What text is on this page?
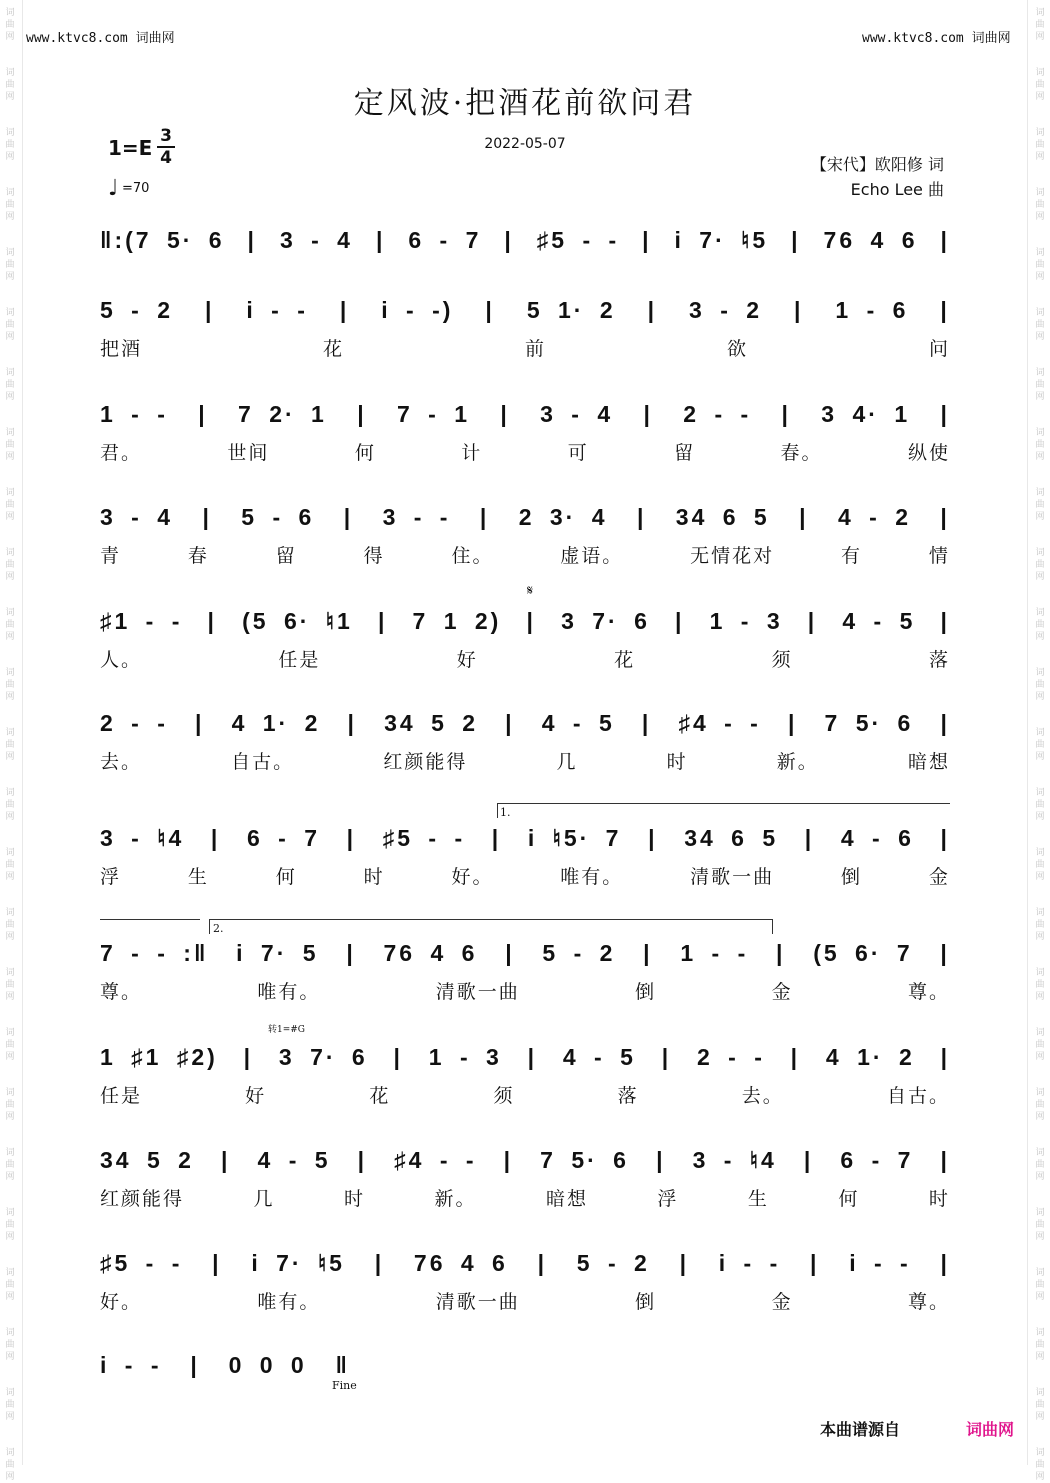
词
曲
网
词
曲
网
词
曲
网
词
曲
网
词
曲
网
词
曲
网
词
曲
网
词
曲
网
词
曲
网
词
曲
网
词
曲
网
词
曲
网
词
曲
网
词
曲
网
词
曲
网
词
曲
网
词
曲
网
词
曲
网
词
曲
网
词
曲
网
词
曲
网
词
曲
网
词
曲
网
词
曲
网
词
曲
网
词
曲
网
词
曲
网
词
曲
网
词
曲
网
词
曲
网
词
曲
网
词
曲
网
词
曲
网
词
曲
网
词
曲
网
词
曲
网
词
曲
网
词
曲
网
词
曲
网
词
曲
网
词
曲
网
词
曲
网
词
曲
网
词
曲
网
词
曲
网
词
曲
网
词
曲
网
词
曲
网
词
曲
网
词
曲
网
www.ktvc8.com 词曲网	www.ktvc8.com 词曲网
定风波·把酒花前欲问君
2022-05-07
1=E 3
4
♩ =70
【宋代】欧阳修 词
Echo Lee 曲
‖:(7 5· 6 | 3 - 4 | 6 - 7 | ♯5 - - | i 7· ♮5 | 76 4 6 |
5 - 2 | i - - | i - -) | 5 1· 2 | 3 - 2 | 1 - 6 |
把酒	花	前	欲	问
1 - - | 7 2· 1 | 7 - 1 | 3 - 4 | 2 - - | 3 4· 1 |
君。	世间	何	计	可	留	春。	纵使
3 - 4 | 5 - 6 | 3 - - | 2 3· 4 | 34 6 5 | 4 - 2 |
青	春	留	得	住。	虚语。	无情花对	有	情
♯1 - - | (5 6· ♮1 | 7 1 2) | 3 7· 6 | 1 - 3 | 4 - 5 |
人。	任是	好	花	须	落
2 - - | 4 1· 2 | 34 5 2 | 4 - 5 | ♯4 - - | 7 5· 6 |
去。	自古。	红颜能得	几	时	新。	暗想
3 - ♮4 | 6 - 7 | ♯5 - - | i ♮5· 7 | 34 6 5 | 4 - 6 |
浮	生	何	时	好。	唯有。	清歌一曲	倒	金
7 - - :‖ i 7· 5 | 76 4 6 | 5 - 2 | 1 - - | (5 6· 7 |
尊。	唯有。	清歌一曲	倒	金	尊。
1 ♯1 ♯2) | 3 7· 6 | 1 - 3 | 4 - 5 | 2 - - | 4 1· 2 |
任是	好	花	须	落	去。	自古。
34 5 2 | 4 - 5 | ♯4 - - | 7 5· 6 | 3 - ♮4 | 6 - 7 |
红颜能得	几	时	新。	暗想	浮	生	何	时
♯5 - - | i 7· ♮5 | 76 4 6 | 5 - 2 | i - - | i - - |
好。	唯有。	清歌一曲	倒	金	尊。
i - - | 0 0 0 ‖
𝄋
1.
2.
转1=#G
Fine
本曲谱源自	词曲网
